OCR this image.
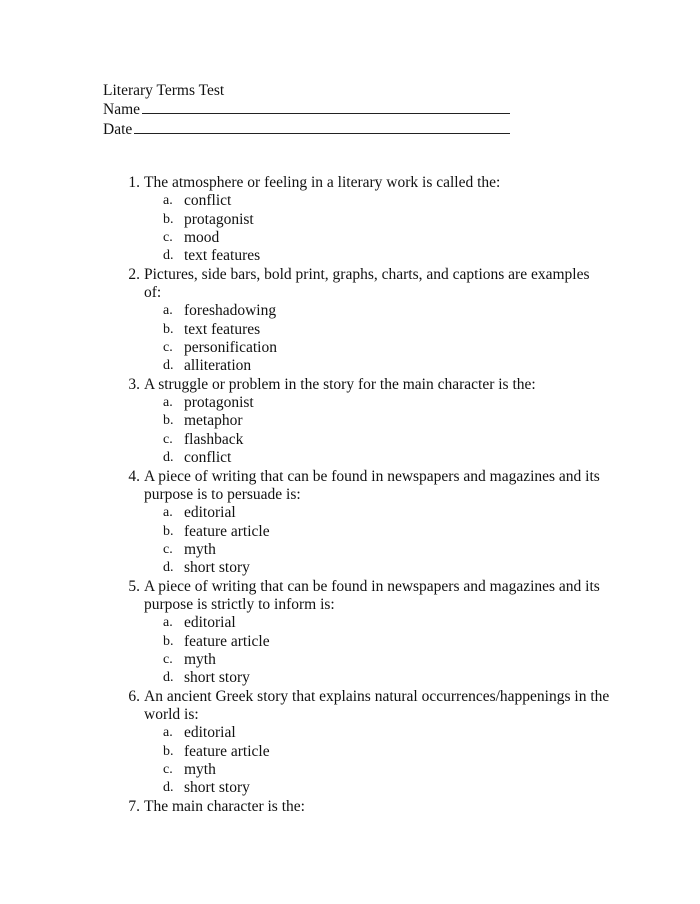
Literary Terms Test
Name
Date
1. The atmosphere or feeling in a literary work is called the:
a. conflict
b. protagonist
c. mood
d. text features
2. Pictures, side bars, bold print, graphs, charts, and captions are examples of:
a. foreshadowing
b. text features
c. personification
d. alliteration
3. A struggle or problem in the story for the main character is the:
a. protagonist
b. metaphor
c. flashback
d. conflict
4. A piece of writing that can be found in newspapers and magazines and its purpose is to persuade is:
a. editorial
b. feature article
c. myth
d. short story
5. A piece of writing that can be found in newspapers and magazines and its purpose is strictly to inform is:
a. editorial
b. feature article
c. myth
d. short story
6. An ancient Greek story that explains natural occurrences/happenings in the world is:
a. editorial
b. feature article
c. myth
d. short story
7. The main character is the:
